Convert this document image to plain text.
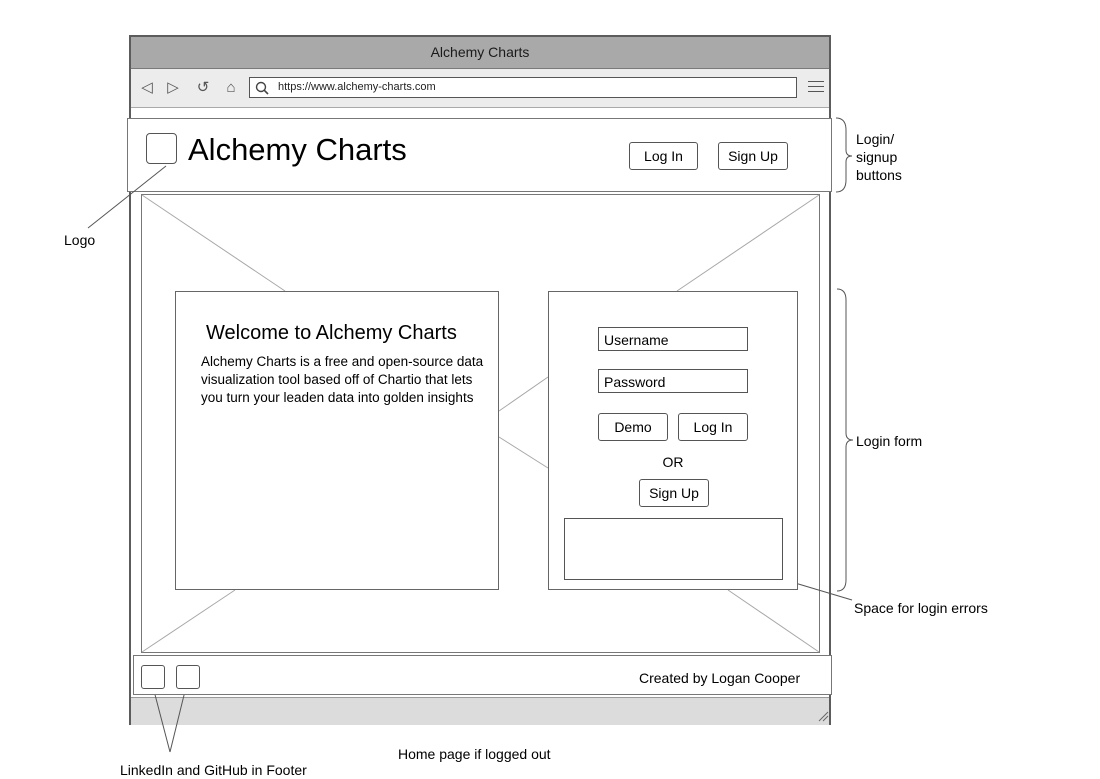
Alchemy Charts
◁ ▷ ↺	⌂	https://www.alchemy-charts.com
Alchemy Charts	Log In	Sign Up
Welcome to Alchemy Charts
Alchemy Charts is a free and open-source data visualization tool based off of Chartio that lets you turn your leaden data into golden insights
Username
Password
Demo	Log In
OR
Sign Up
Created by Logan Cooper
Logo
Login/
signup
buttons
Login form
Space for login errors
LinkedIn and GitHub in Footer
Home page if logged out
